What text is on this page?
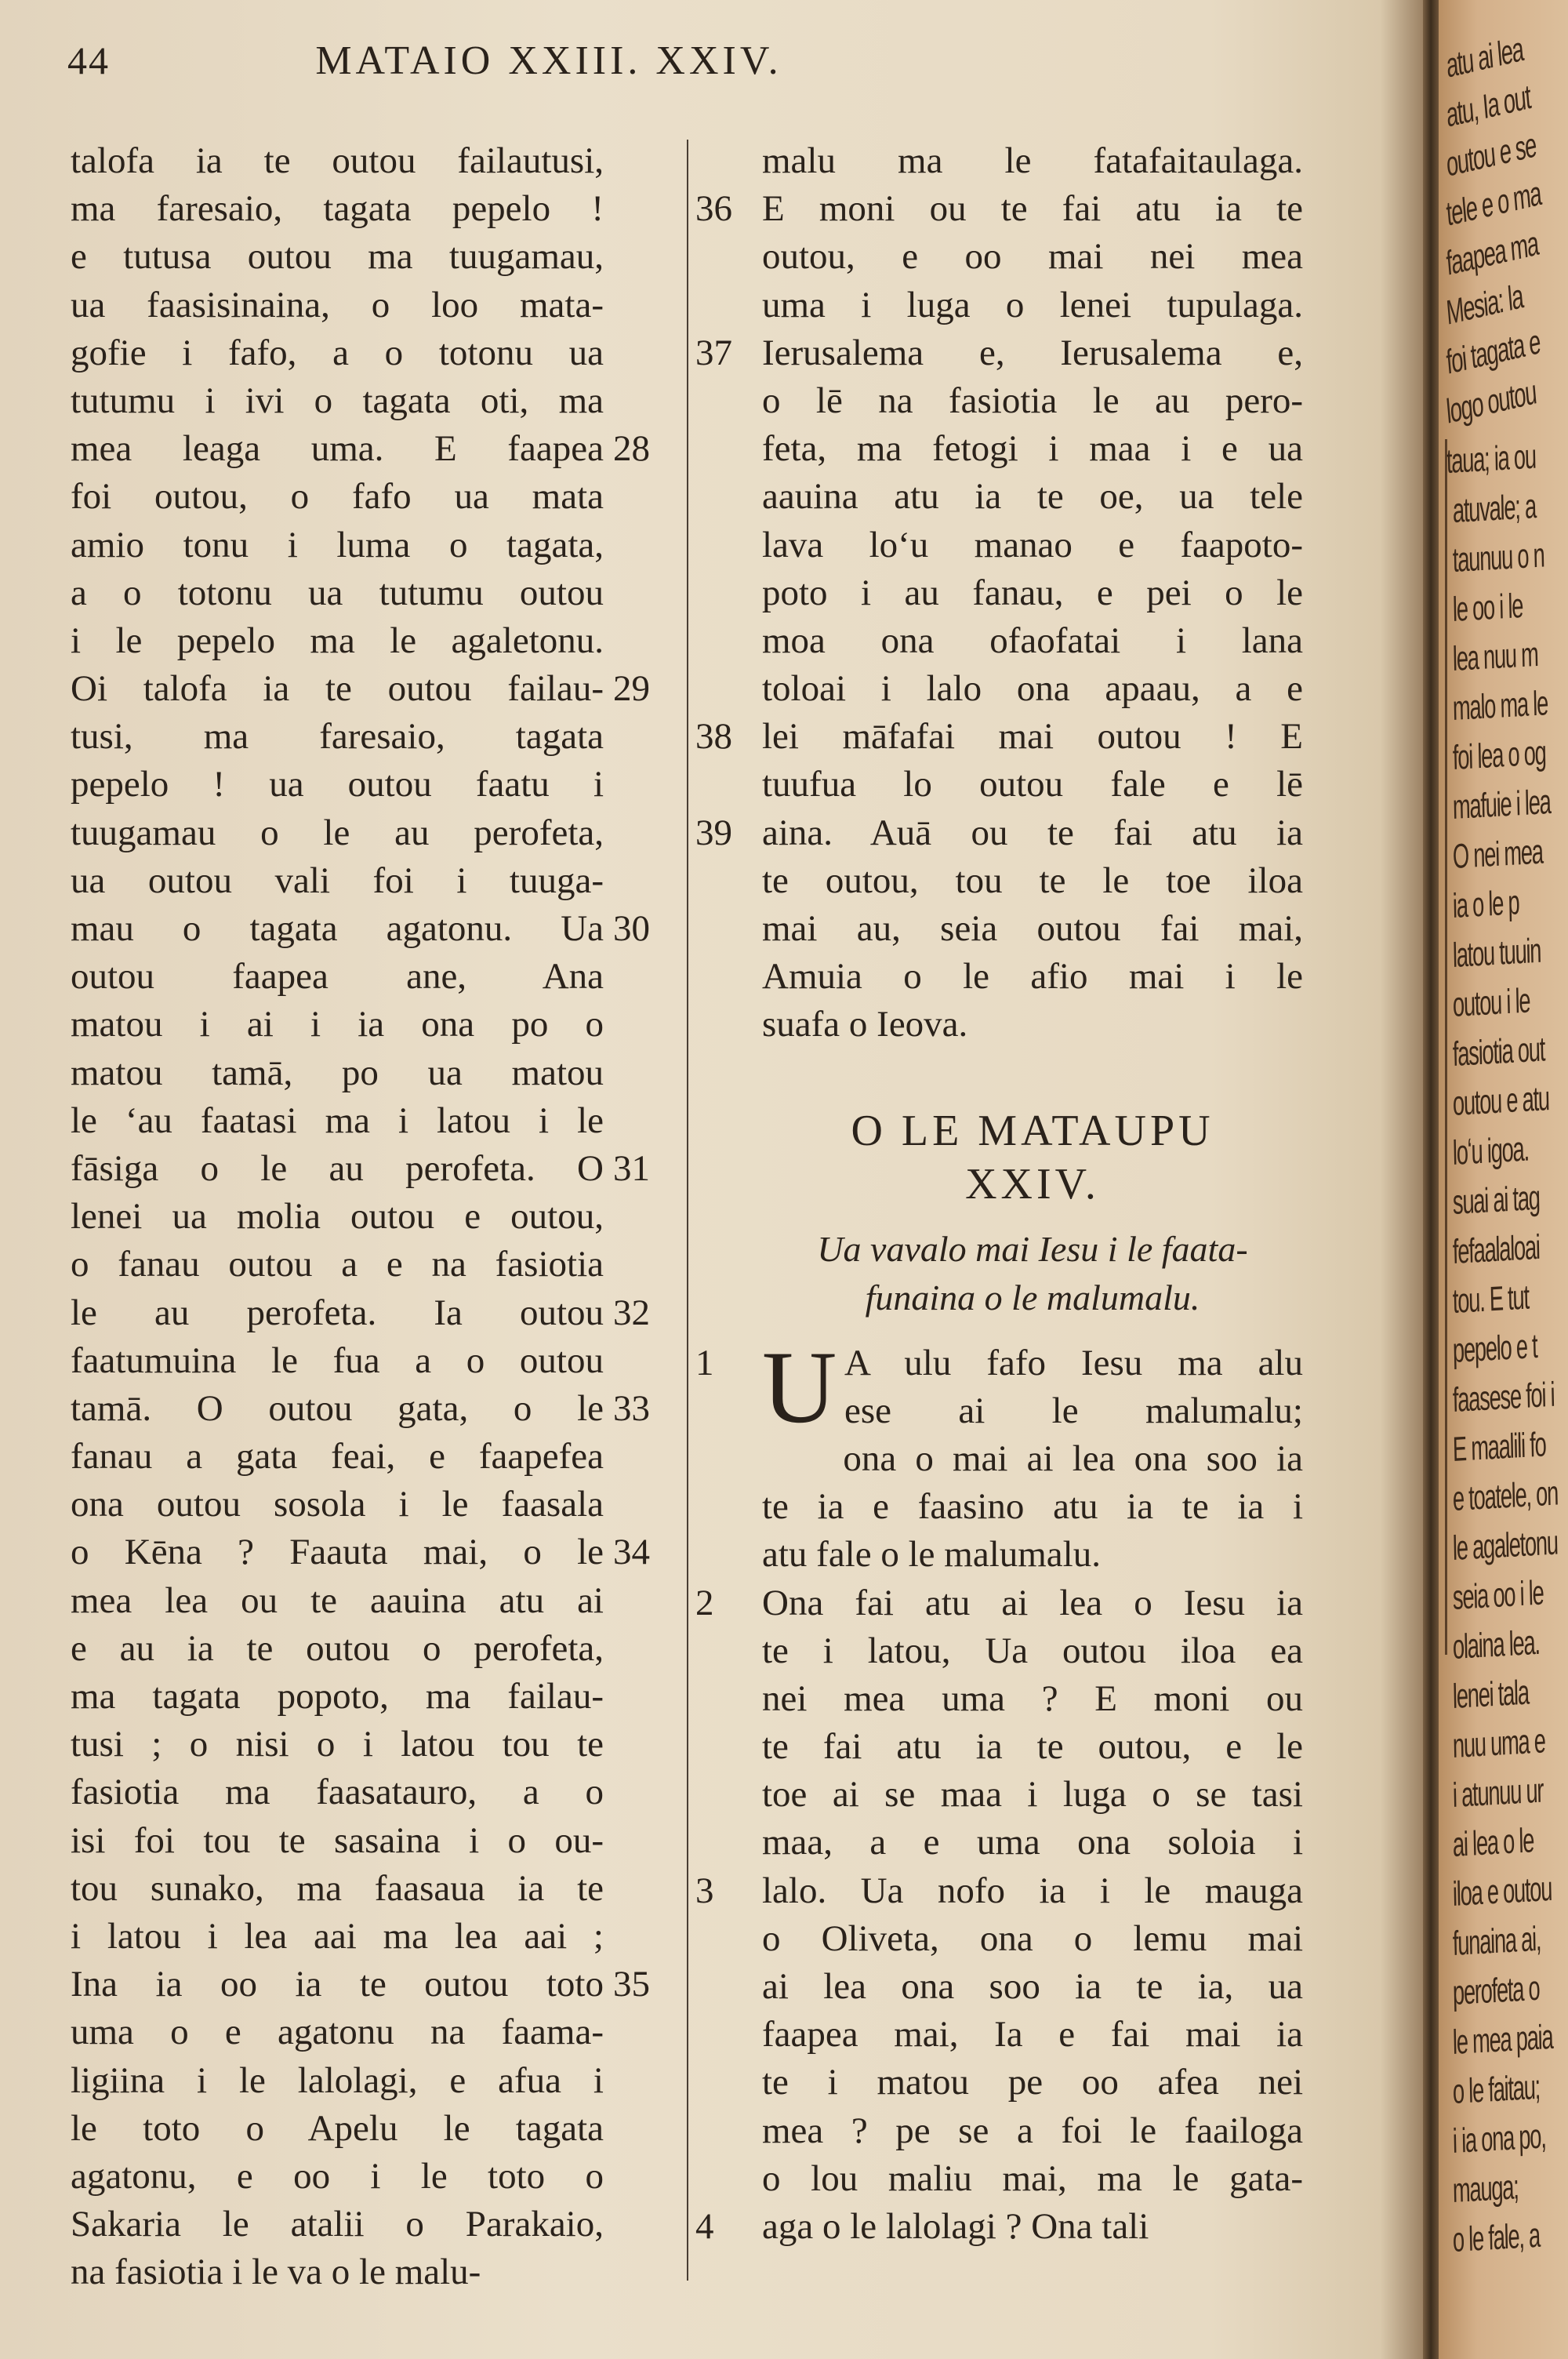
atu ai lea
atu, Ia out
outou e se
tele e o ma
faapea ma
Mesia: la
foi tagata e
logo outou
taua; ia ou
atuvale; a
taunuu o n
le oo i le
lea nuu m
malo ma le
foi lea o og
mafuie i lea
O nei mea
ia o le p
latou tuuin
outou i le
fasiotia out
outou e atu
loʻu igoa.
suai ai tag
fefaalaloai
tou. E tut
pepelo e t
faasese foi i
E maalili fo
e toatele, on
le agaletonu
seia oo i le
olaina lea.
lenei tala
nuu uma e
i atunuu ur
ai lea o le
iloa e outou
funaina ai,
perofeta o
le mea paia
o le faitau;
i ia ona po,
mauga;
o le fale, a
44	MATAIO XXIII. XXIV.
talofa ia te outou failautusi,
ma faresaio, tagata pepelo !
e tutusa outou ma tuugamau,
ua faasisinaina, o loo mata-
gofie i fafo, a o totonu ua
tutumu i ivi o tagata oti, ma
mea leaga uma. E faapea 28
foi outou, o fafo ua mata
amio tonu i luma o tagata,
a o totonu ua tutumu outou
i le pepelo ma le agaletonu.
Oi talofa ia te outou failau- 29
tusi, ma faresaio, tagata
pepelo ! ua outou faatu i
tuugamau o le au perofeta,
ua outou vali foi i tuuga-
mau o tagata agatonu. Ua 30
outou faapea ane, Ana
matou i ai i ia ona po o
matou tamā, po ua matou
le ʻau faatasi ma i latou i le
fāsiga o le au perofeta. O 31
lenei ua molia outou e outou,
o fanau outou a e na fasiotia
le au perofeta. Ia outou 32
faatumuina le fua a o outou
tamā. O outou gata, o le 33
fanau a gata feai, e faapefea
ona outou sosola i le faasala
o Kēna ? Faauta mai, o le 34
mea lea ou te aauina atu ai
e au ia te outou o perofeta,
ma tagata popoto, ma failau-
tusi ; o nisi o i latou tou te
fasiotia ma faasatauro, a o
isi foi tou te sasaina i o ou-
tou sunako, ma faasaua ia te
i latou i lea aai ma lea aai ;
Ina ia oo ia te outou toto 35
uma o e agatonu na faama-
ligiina i le lalolagi, e afua i
le toto o Apelu le tagata
agatonu, e oo i le toto o
Sakaria le atalii o Parakaio,
na fasiotia i le va o le malu-
malu ma le fatafaitaulaga.
E moni ou te fai atu ia te
36
outou, e oo mai nei mea
uma i luga o lenei tupulaga.
Ierusalema e, Ierusalema e,
37
o lē na fasiotia le au pero-
feta, ma fetogi i maa i e ua
aauina atu ia te oe, ua tele
lava loʻu manao e faapoto-
poto i au fanau, e pei o le
moa ona ofaofatai i lana
toloai i lalo ona apaau, a e
lei māfafai mai outou ! E
38
tuufua lo outou fale e lē
aina. Auā ou te fai atu ia
39
te outou, tou te le toe iloa
mai au, seia outou fai mai,
Amuia o le afio mai i le
suafa o Ieova.
O LE MATAUPU
XXIV.
Ua vavalo mai Iesu i le faata-
funaina o le malumalu.
U A ulu fafo Iesu ma alu
1
ese ai le malumalu;
ona o mai ai lea ona soo ia
te ia e faasino atu ia te ia i
atu fale o le malumalu.
Ona fai atu ai lea o Iesu ia
2
te i latou, Ua outou iloa ea
nei mea uma ? E moni ou
te fai atu ia te outou, e le
toe ai se maa i luga o se tasi
maa, a e uma ona soloia i
lalo. Ua nofo ia i le mauga
3
o Oliveta, ona o lemu mai
ai lea ona soo ia te ia, ua
faapea mai, Ia e fai mai ia
te i matou pe oo afea nei
mea ? pe se a foi le faailoga
o lou maliu mai, ma le gata-
aga o le lalolagi ? Ona tali
4
